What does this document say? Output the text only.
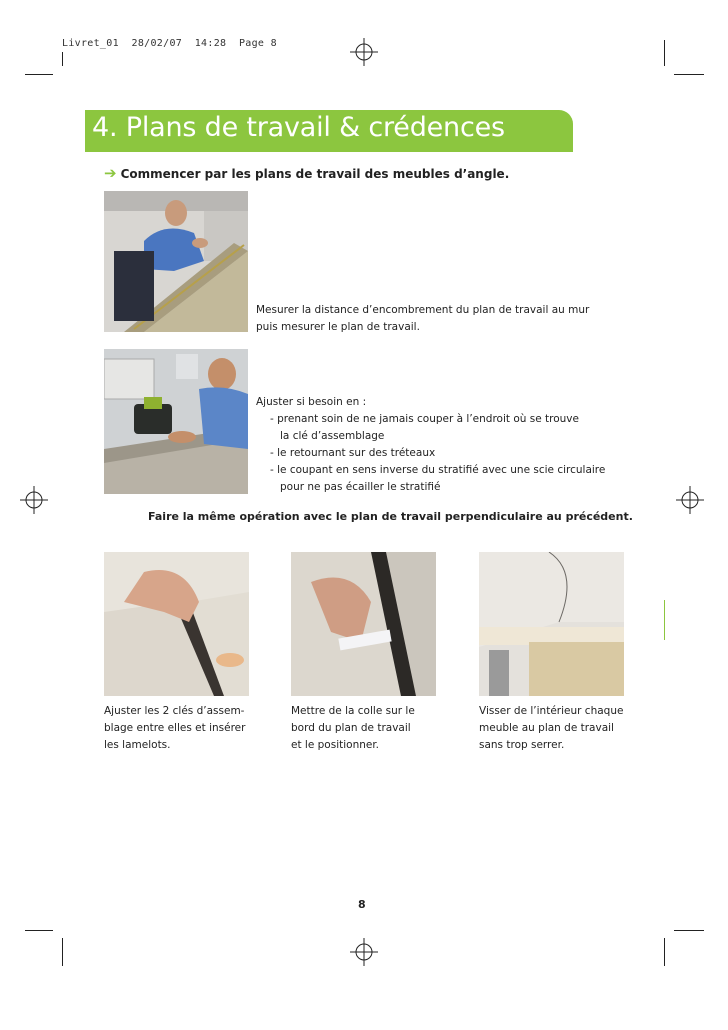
Livret_01  28/02/07  14:28  Page 8
4. Plans de travail & crédences
➔ Commencer par les plans de travail des meubles d’angle.

Mesurer la distance d’encombrement du plan de travail au mur

puis mesurer le plan de travail.

Ajuster si besoin en :

- prenant soin de ne jamais couper à l’endroit où se trouve
la clé d’assemblage
- le retournant sur des tréteaux
- le coupant en sens inverse du stratifié avec une scie circulaire
pour ne pas écailler le stratifié
Faire la même opération avec le plan de travail perpendiculaire au précédent.

Ajuster les 2 clés d’assem-

blage entre elles et insérer

les lamelots.

Mettre de la colle sur le

bord du plan de travail

et le positionner.

Visser de l’intérieur chaque

meuble au plan de travail

sans trop serrer.

8
